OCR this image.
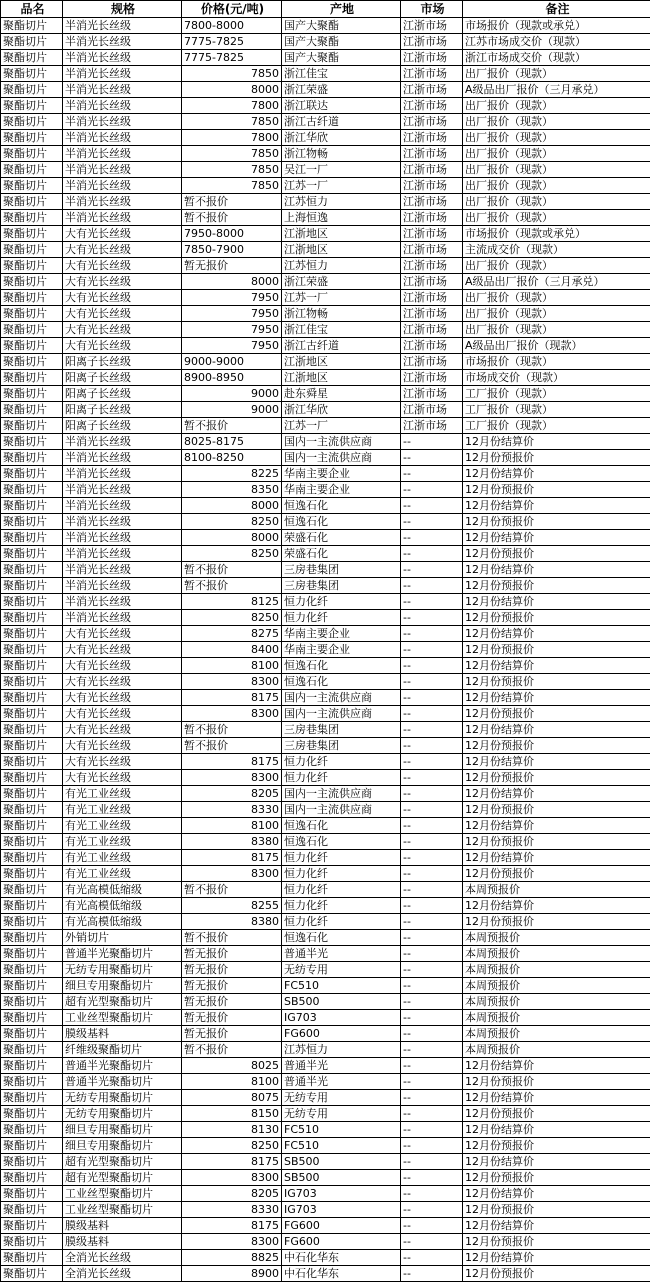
品名	规格	价格(元/吨)	产地	市场	备注
聚酯切片	半消光长丝级	7800-8000	国产大聚酯	江浙市场	市场报价（现款或承兑）
聚酯切片	半消光长丝级	7775-7825	国产大聚酯	江浙市场	江苏市场成交价（现款）
聚酯切片	半消光长丝级	7775-7825	国产大聚酯	江浙市场	浙江市场成交价（现款）
聚酯切片	半消光长丝级	7850	浙江佳宝	江浙市场	出厂报价（现款）
聚酯切片	半消光长丝级	8000	浙江荣盛	江浙市场	A级品出厂报价（三月承兑）
聚酯切片	半消光长丝级	7800	浙江联达	江浙市场	出厂报价（现款）
聚酯切片	半消光长丝级	7850	浙江古纤道	江浙市场	出厂报价（现款）
聚酯切片	半消光长丝级	7800	浙江华欣	江浙市场	出厂报价（现款）
聚酯切片	半消光长丝级	7850	浙江物畅	江浙市场	出厂报价（现款）
聚酯切片	半消光长丝级	7850	吴江一厂	江浙市场	出厂报价（现款）
聚酯切片	半消光长丝级	7850	江苏一厂	江浙市场	出厂报价（现款）
聚酯切片	半消光长丝级	暂不报价	江苏恒力	江浙市场	出厂报价（现款）
聚酯切片	半消光长丝级	暂不报价	上海恒逸	江浙市场	出厂报价（现款）
聚酯切片	大有光长丝级	7950-8000	江浙地区	江浙市场	市场报价（现款或承兑）
聚酯切片	大有光长丝级	7850-7900	江浙地区	江浙市场	主流成交价（现款）
聚酯切片	大有光长丝级	暂无报价	江苏恒力	江浙市场	出厂报价（现款）
聚酯切片	大有光长丝级	8000	浙江荣盛	江浙市场	A级品出厂报价（三月承兑）
聚酯切片	大有光长丝级	7950	江苏一厂	江浙市场	出厂报价（现款）
聚酯切片	大有光长丝级	7950	浙江物畅	江浙市场	出厂报价（现款）
聚酯切片	大有光长丝级	7950	浙江佳宝	江浙市场	出厂报价（现款）
聚酯切片	大有光长丝级	7950	浙江古纤道	江浙市场	A级品出厂报价（现款）
聚酯切片	阳离子长丝级	9000-9000	江浙地区	江浙市场	市场报价（现款）
聚酯切片	阳离子长丝级	8900-8950	江浙地区	江浙市场	市场成交价（现款）
聚酯切片	阳离子长丝级	9000	赴东舜星	江浙市场	工厂报价（现款）
聚酯切片	阳离子长丝级	9000	浙江华欣	江浙市场	工厂报价（现款）
聚酯切片	阳离子长丝级	暂不报价	江苏一厂	江浙市场	工厂报价（现款）
聚酯切片	半消光长丝级	8025-8175	国内一主流供应商	--	12月份结算价
聚酯切片	半消光长丝级	8100-8250	国内一主流供应商	--	12月份预报价
聚酯切片	半消光长丝级	8225	华南主要企业	--	12月份结算价
聚酯切片	半消光长丝级	8350	华南主要企业	--	12月份预报价
聚酯切片	半消光长丝级	8000	恒逸石化	--	12月份结算价
聚酯切片	半消光长丝级	8250	恒逸石化	--	12月份预报价
聚酯切片	半消光长丝级	8000	荣盛石化	--	12月份结算价
聚酯切片	半消光长丝级	8250	荣盛石化	--	12月份预报价
聚酯切片	半消光长丝级	暂不报价	三房巷集团	--	12月份结算价
聚酯切片	半消光长丝级	暂不报价	三房巷集团	--	12月份预报价
聚酯切片	半消光长丝级	8125	恒力化纤	--	12月份结算价
聚酯切片	半消光长丝级	8250	恒力化纤	--	12月份预报价
聚酯切片	大有光长丝级	8275	华南主要企业	--	12月份结算价
聚酯切片	大有光长丝级	8400	华南主要企业	--	12月份预报价
聚酯切片	大有光长丝级	8100	恒逸石化	--	12月份结算价
聚酯切片	大有光长丝级	8300	恒逸石化	--	12月份预报价
聚酯切片	大有光长丝级	8175	国内一主流供应商	--	12月份结算价
聚酯切片	大有光长丝级	8300	国内一主流供应商	--	12月份预报价
聚酯切片	大有光长丝级	暂不报价	三房巷集团	--	12月份结算价
聚酯切片	大有光长丝级	暂不报价	三房巷集团	--	12月份预报价
聚酯切片	大有光长丝级	8175	恒力化纤	--	12月份结算价
聚酯切片	大有光长丝级	8300	恒力化纤	--	12月份预报价
聚酯切片	有光工业丝级	8205	国内一主流供应商	--	12月份结算价
聚酯切片	有光工业丝级	8330	国内一主流供应商	--	12月份预报价
聚酯切片	有光工业丝级	8100	恒逸石化	--	12月份结算价
聚酯切片	有光工业丝级	8380	恒逸石化	--	12月份预报价
聚酯切片	有光工业丝级	8175	恒力化纤	--	12月份结算价
聚酯切片	有光工业丝级	8300	恒力化纤	--	12月份预报价
聚酯切片	有光高模低缩级	暂不报价	恒力化纤	--	本周预报价
聚酯切片	有光高模低缩级	8255	恒力化纤	--	12月份结算价
聚酯切片	有光高模低缩级	8380	恒力化纤	--	12月份预报价
聚酯切片	外销切片	暂不报价	恒逸石化	--	本周预报价
聚酯切片	普通半光聚酯切片	暂无报价	普通半光	--	本周预报价
聚酯切片	无纺专用聚酯切片	暂无报价	无纺专用	--	本周预报价
聚酯切片	细旦专用聚酯切片	暂无报价	FC510	--	本周预报价
聚酯切片	超有光型聚酯切片	暂无报价	SB500	--	本周预报价
聚酯切片	工业丝型聚酯切片	暂无报价	IG703	--	本周预报价
聚酯切片	膜级基料	暂无报价	FG600	--	本周预报价
聚酯切片	纤维级聚酯切片	暂不报价	江苏恒力	--	本周预报价
聚酯切片	普通半光聚酯切片	8025	普通半光	--	12月份结算价
聚酯切片	普通半光聚酯切片	8100	普通半光	--	12月份预报价
聚酯切片	无纺专用聚酯切片	8075	无纺专用	--	12月份结算价
聚酯切片	无纺专用聚酯切片	8150	无纺专用	--	12月份预报价
聚酯切片	细旦专用聚酯切片	8130	FC510	--	12月份结算价
聚酯切片	细旦专用聚酯切片	8250	FC510	--	12月份预报价
聚酯切片	超有光型聚酯切片	8175	SB500	--	12月份结算价
聚酯切片	超有光型聚酯切片	8300	SB500	--	12月份预报价
聚酯切片	工业丝型聚酯切片	8205	IG703	--	12月份结算价
聚酯切片	工业丝型聚酯切片	8330	IG703	--	12月份预报价
聚酯切片	膜级基料	8175	FG600	--	12月份结算价
聚酯切片	膜级基料	8300	FG600	--	12月份预报价
聚酯切片	全消光长丝级	8825	中石化华东	--	12月份结算价
聚酯切片	全消光长丝级	8900	中石化华东	--	12月份预报价
